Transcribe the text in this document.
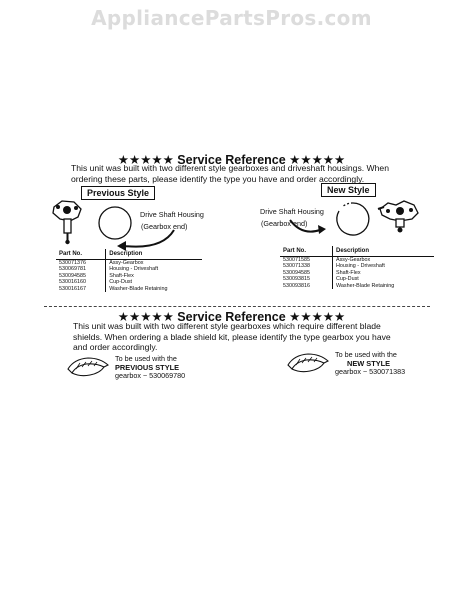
AppliancePartsPros.com
★★★★★ Service Reference ★★★★★
This unit was built with two different style gearboxes and driveshaft housings. When
ordering these parts, please identify the type you have and order accordingly.
Previous Style	New Style
Drive Shaft Housing
(Gearbox end)
Drive Shaft Housing
(Gearbox end)
Part No.	Description
530071376	Assy-Gearbox
530069781	Housing - Driveshaft
530094585	Shaft-Flex
530016160	Cup-Dust
530016167	Washer-Blade Retaining
Part No.	Description
530071585	Assy-Gearbox
530071338	Housing - Driveshaft
530094585	Shaft-Flex
530093815	Cup-Dust
530093816	Washer-Blade Retaining
★★★★★ Service Reference ★★★★★
This unit was built with two different style gearboxes which require different blade
shields. When ordering a blade shield kit, please identify the type gearbox you have
and order accordingly.
To be used with the
PREVIOUS STYLE
gearbox ~ 530069780
To be used with the
NEW STYLE
gearbox ~ 530071383
